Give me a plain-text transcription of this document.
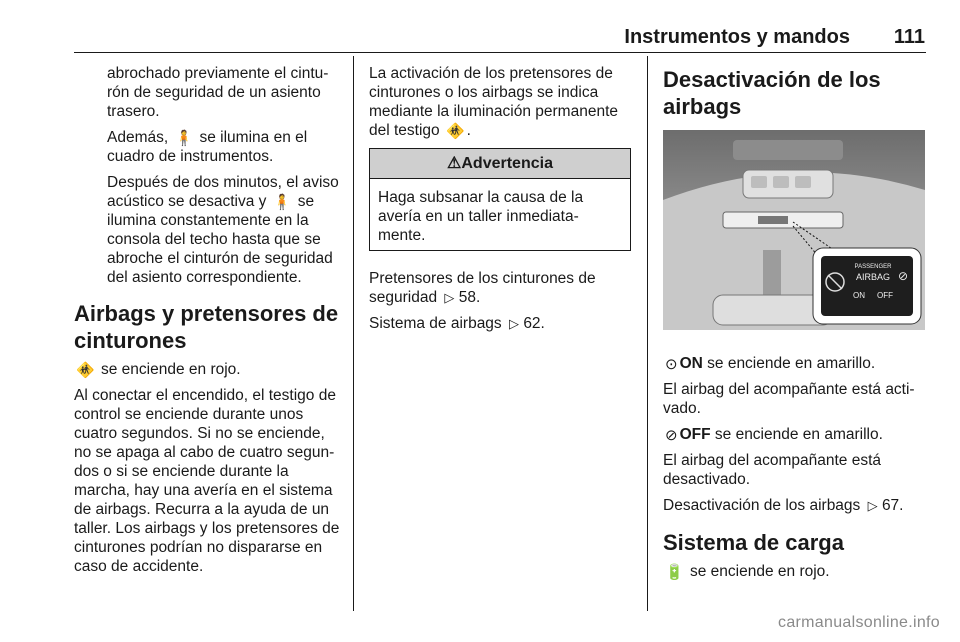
Instrumentos y mandos	111

abrochado previamente el cintu-rón de seguridad de un asiento trasero.

Además, 🧍 se ilumina en el cuadro de instrumentos.

Después de dos minutos, el aviso acústico se desactiva y 🧍 se ilumina constantemente en la consola del techo hasta que se abroche el cinturón de seguridad del asiento correspondiente.

Airbags y pretensores de cinturones

🚸 se enciende en rojo.

Al conectar el encendido, el testigo de control se enciende durante unos cuatro segundos. Si no se enciende, no se apaga al cabo de cuatro segun-dos o si se enciende durante la marcha, hay una avería en el sistema de airbags. Recurra a la ayuda de un taller. Los airbags y los pretensores de cinturones podrían no dispararse en caso de accidente.

La activación de los pretensores de cinturones o los airbags se indica mediante la iluminación permanente del testigo 🚸 .

⚠Advertencia
Haga subsanar la causa de la avería en un taller inmediata-mente.

Pretensores de los cinturones de seguridad ▷ 58.

Sistema de airbags ▷ 62.

Desactivación de los airbags
PASSENGER
AIRBAG
ON OFF
⊘

⊙ ON se enciende en amarillo.

El airbag del acompañante está acti-vado.

⊘ OFF se enciende en amarillo.

El airbag del acompañante está desactivado.

Desactivación de los airbags ▷ 67.

Sistema de carga

🔋 se enciende en rojo.

carmanualsonline.info
